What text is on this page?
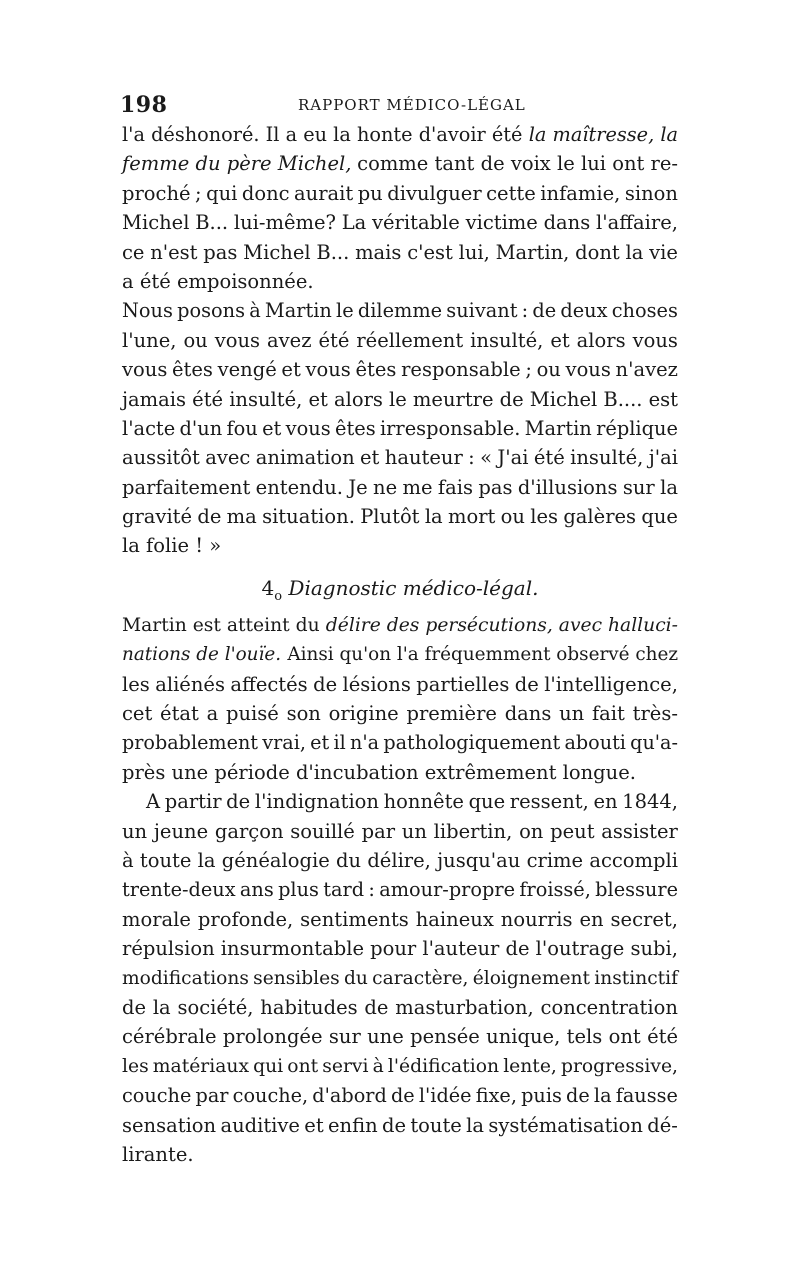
198	RAPPORT MÉDICO-LÉGAL
l'a déshonoré. Il a eu la honte d'avoir été la maîtresse, la
femme du père Michel, comme tant de voix le lui ont re-
proché ; qui donc aurait pu divulguer cette infamie, sinon
Michel B... lui-même? La véritable victime dans l'affaire,
ce n'est pas Michel B... mais c'est lui, Martin, dont la vie
a été empoisonnée.
Nous posons à Martin le dilemme suivant : de deux choses
l'une, ou vous avez été réellement insulté, et alors vous
vous êtes vengé et vous êtes responsable ; ou vous n'avez
jamais été insulté, et alors le meurtre de Michel B.... est
l'acte d'un fou et vous êtes irresponsable. Martin réplique
aussitôt avec animation et hauteur : « J'ai été insulté, j'ai
parfaitement entendu. Je ne me fais pas d'illusions sur la
gravité de ma situation. Plutôt la mort ou les galères que
la folie ! »
$4_o$ Diagnostic médico-légal.
Martin est atteint du délire des persécutions, avec halluci-
nations de l'ouïe. Ainsi qu'on l'a fréquemment observé chez
les aliénés affectés de lésions partielles de l'intelligence,
cet état a puisé son origine première dans un fait très-
probablement vrai, et il n'a pathologiquement abouti qu'a-
près une période d'incubation extrêmement longue.
A partir de l'indignation honnête que ressent, en 1844,
un jeune garçon souillé par un libertin, on peut assister
à toute la généalogie du délire, jusqu'au crime accompli
trente-deux ans plus tard : amour-propre froissé, blessure
morale profonde, sentiments haineux nourris en secret,
répulsion insurmontable pour l'auteur de l'outrage subi,
modifications sensibles du caractère, éloignement instinctif
de la société, habitudes de masturbation, concentration
cérébrale prolongée sur une pensée unique, tels ont été
les matériaux qui ont servi à l'édification lente, progressive,
couche par couche, d'abord de l'idée fixe, puis de la fausse
sensation auditive et enfin de toute la systématisation dé-
lirante.
